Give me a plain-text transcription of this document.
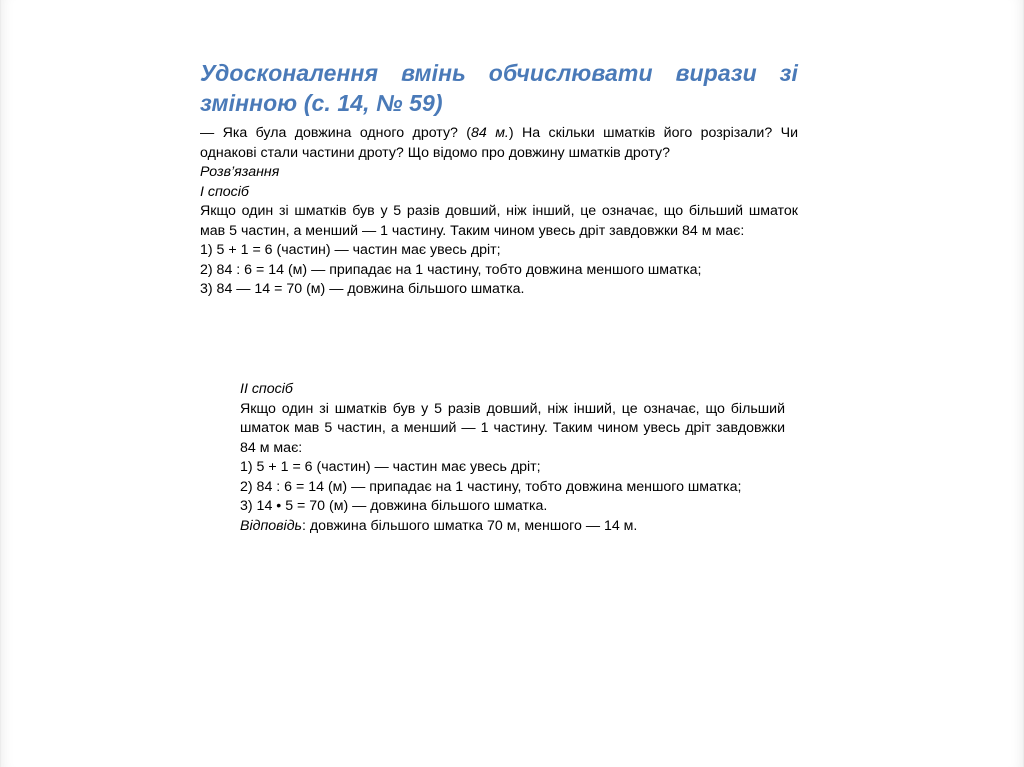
Удосконалення вмінь обчислювати вирази зі змінною (с. 14, № 59)

— Яка була довжина одного дроту? (84 м.) На скільки шматків його розрізали? Чи однакові стали частини дроту? Що відомо про довжину шматків дроту?

Розв’язання

І спосіб

Якщо один зі шматків був у 5 разів довший, ніж інший, це означає, що більший шматок мав 5 частин, а менший — 1 частину. Таким чином увесь дріт завдовжки 84 м має:

1) 5 + 1 = 6 (частин) — частин має увесь дріт;

2) 84 : 6 = 14 (м) — припадає на 1 частину, тобто довжина меншого шматка;

3) 84 — 14 = 70 (м) — довжина більшого шматка.

ІІ спосіб

Якщо один зі шматків був у 5 разів довший, ніж інший, це означає, що більший шматок мав 5 частин, а менший — 1 частину. Таким чином увесь дріт завдовжки 84 м має:

1) 5 + 1 = 6 (частин) — частин має увесь дріт;

2) 84 : 6 = 14 (м) — припадає на 1 частину, тобто довжина меншого шматка;

3) 14 • 5 = 70 (м) — довжина більшого шматка.

Відповідь: довжина більшого шматка 70 м, меншого — 14 м.
